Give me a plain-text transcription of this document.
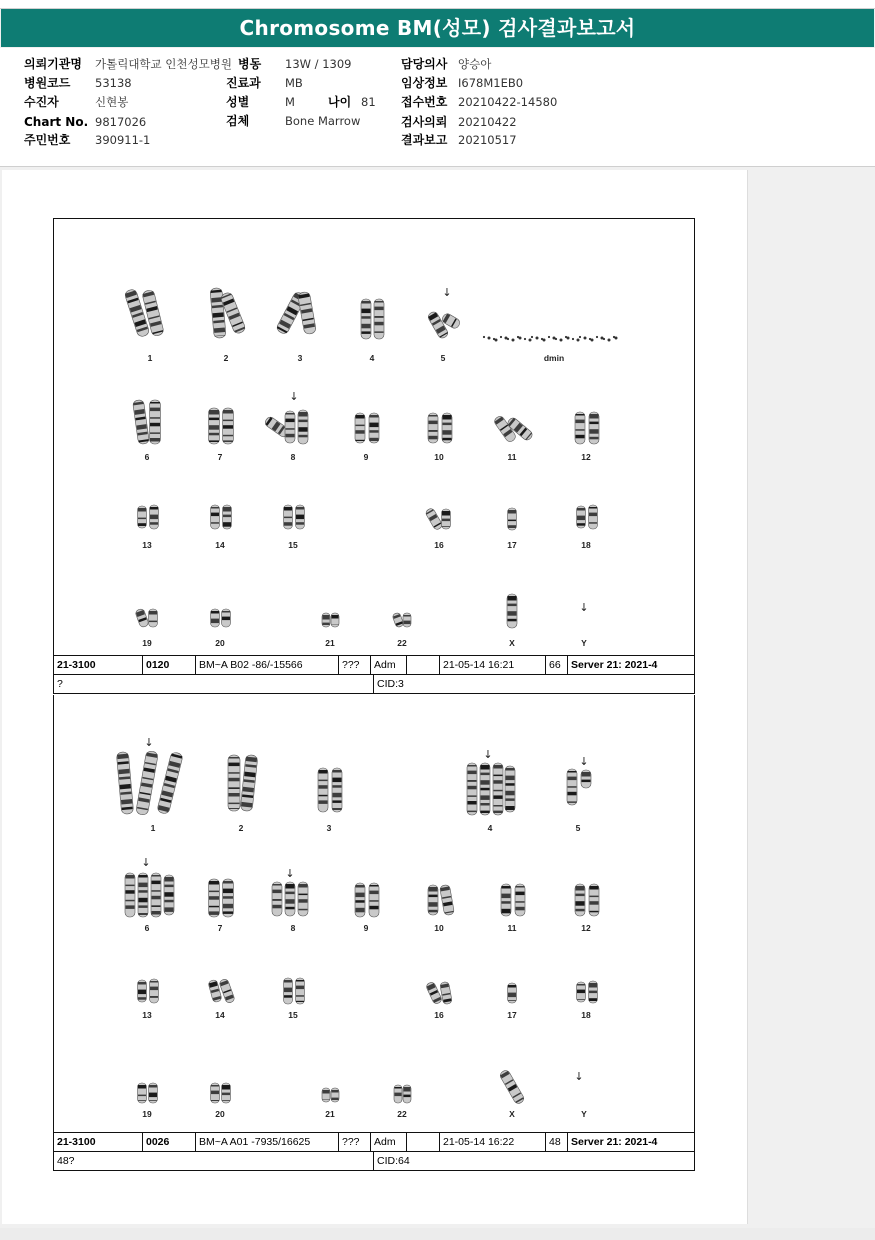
Chromosome BM(성모) 검사결과보고서
의뢰기관명 가톨릭대학교 인천성모병원
병원코드 53138
수진자	신현봉
Chart No. 9817026
주민번호 390911-1
병동 13W / 1309
진료과 MB
성별	M	나이 81
검체	Bone Marrow
담당의사 양승아
임상정보 I678M1EB0
접수번호 20210422-14580
검사의뢰 20210422
결과보고 20210517
1	2	3	4	5	dmin
6	7	8	9	10	11	12
13	14	15	16	17	18
19	20	21	22	X	Y
↓
↓
↓
21-3100	0120	BM~A B02 -86/-15566	???	Adm	21-05-14 16:21	66 Server 21: 2021-4
?	CID:3
1	2	3	4	5
6	7	8	9	10	11	12
13	14	15	16	17	18
19	20	21	22	X	Y
↓
↓
↓
↓
↓
↓
21-3100	0026	BM~A A01 -7935/16625	???	Adm	21-05-14 16:22	48 Server 21: 2021-4
48?	CID:64
